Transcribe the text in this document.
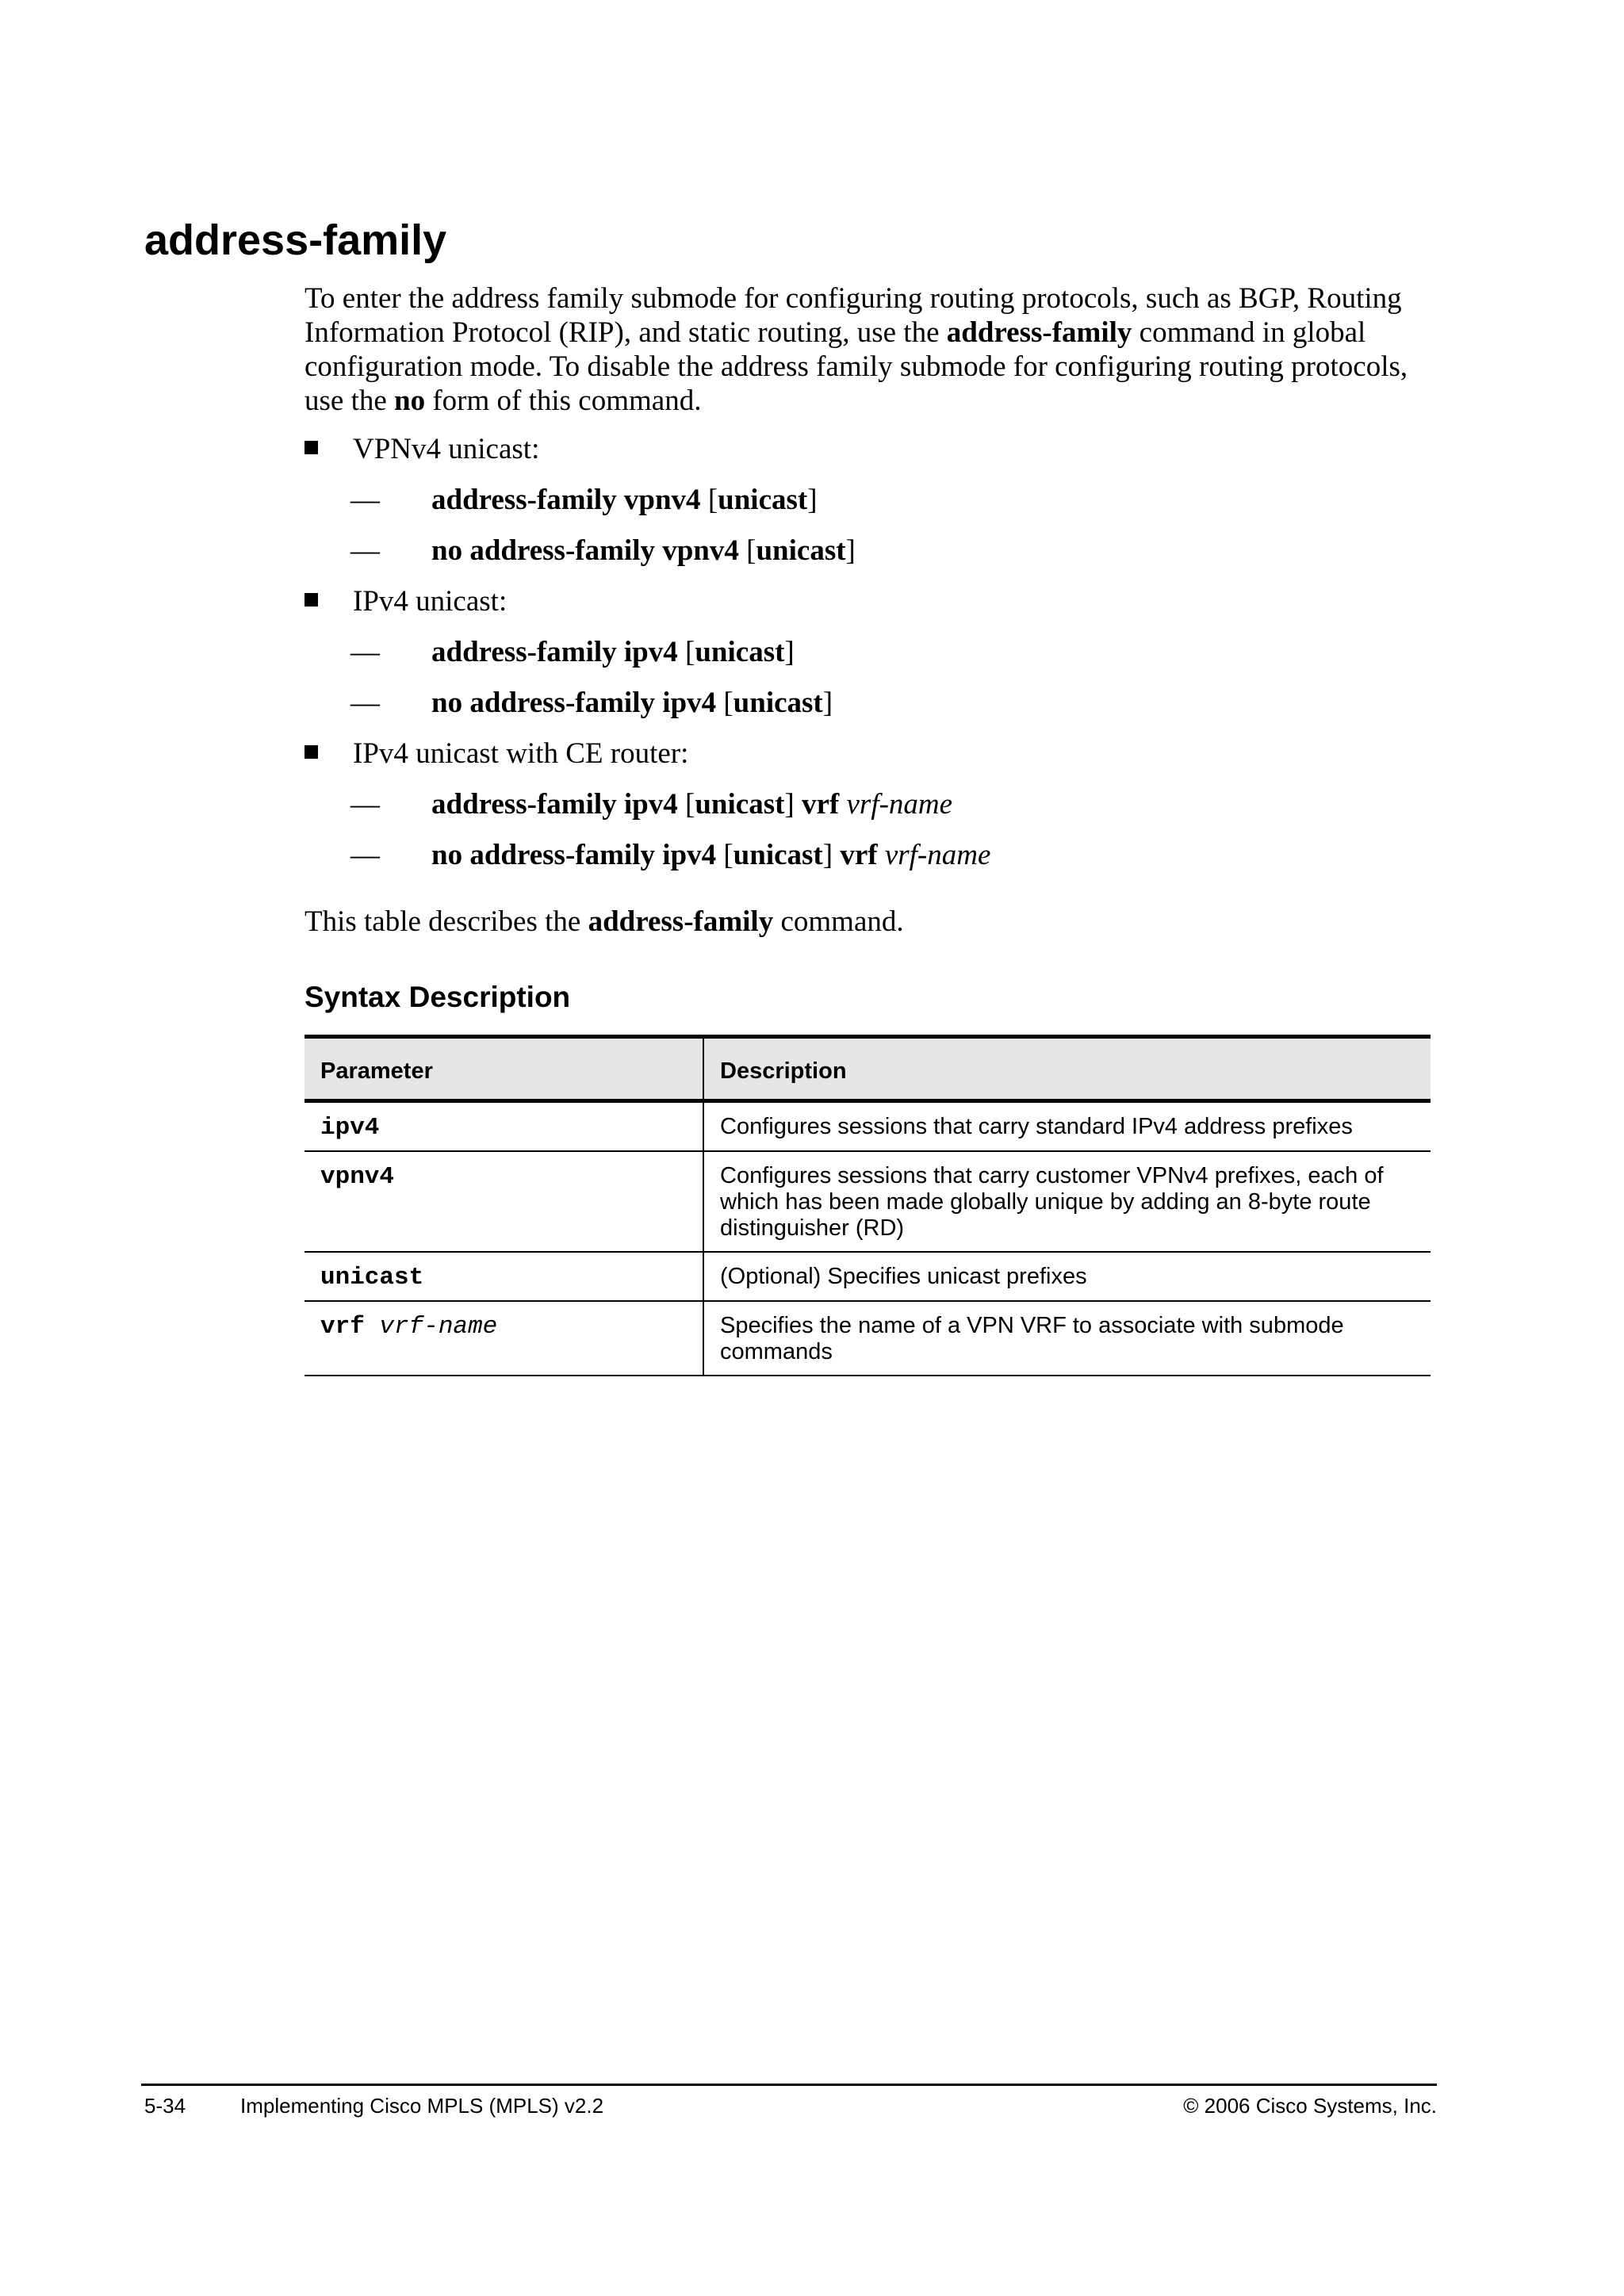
address-family

To enter the address family submode for configuring routing protocols, such as BGP, Routing Information Protocol (RIP), and static routing, use the address-family command in global configuration mode. To disable the address family submode for configuring routing protocols, use the no form of this command.

VPNv4 unicast:
—	address-family vpnv4 [unicast]
—	no address-family vpnv4 [unicast]
IPv4 unicast:
—	address-family ipv4 [unicast]
—	no address-family ipv4 [unicast]
IPv4 unicast with CE router:
—	address-family ipv4 [unicast] vrf vrf-name
—	no address-family ipv4 [unicast] vrf vrf-name

This table describes the address-family command.

Syntax Description
Parameter	Description
ipv4	Configures sessions that carry standard IPv4 address prefixes
vpnv4	Configures sessions that carry customer VPNv4 prefixes, each of which has been made globally unique by adding an 8-byte route distinguisher (RD)
unicast	(Optional) Specifies unicast prefixes
vrf vrf-name	Specifies the name of a VPN VRF to associate with submode commands
5-34	Implementing Cisco MPLS (MPLS) v2.2	© 2006 Cisco Systems, Inc.
